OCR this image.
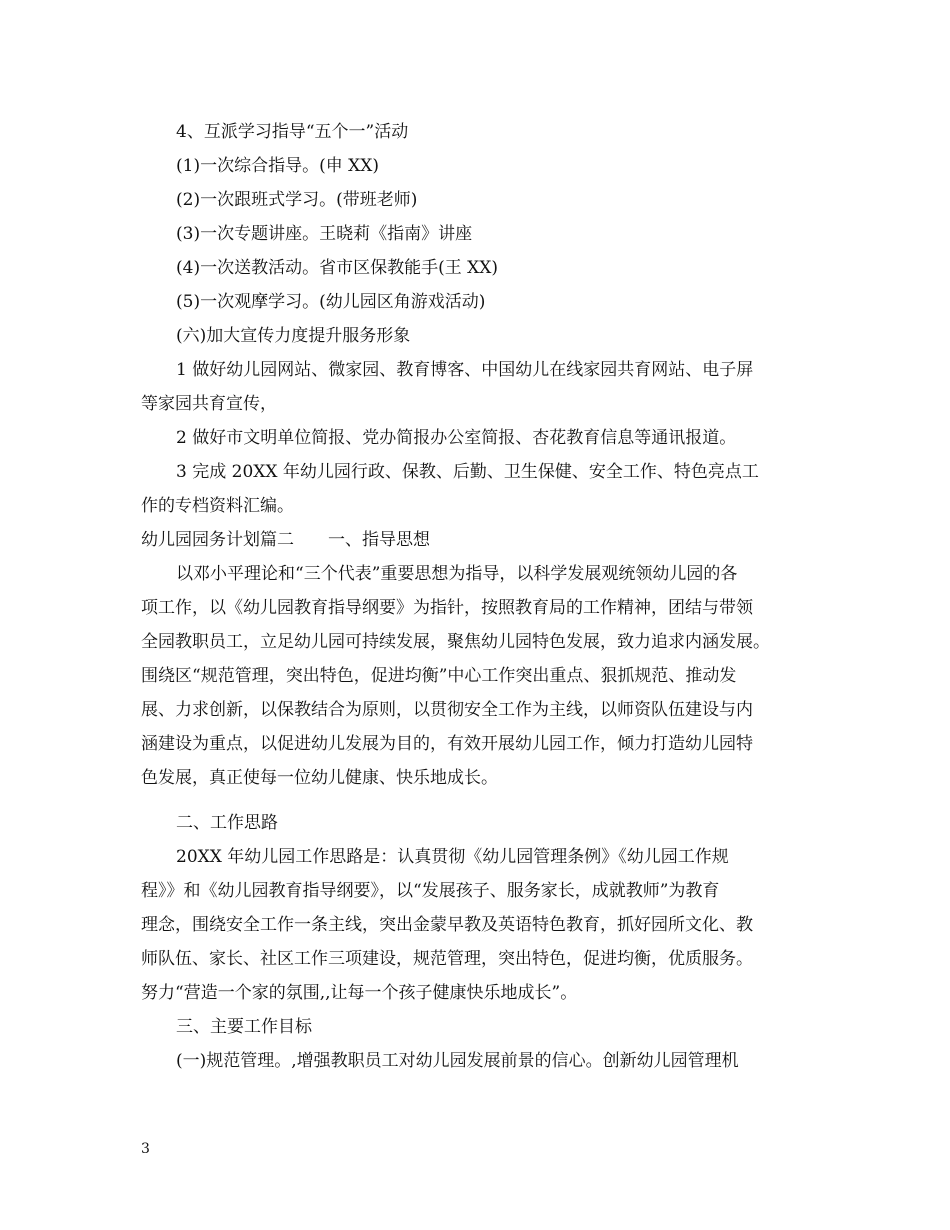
4、互派学习指导“五个一”活动
(1)一次综合指导。(申 XX)
(2)一次跟班式学习。(带班老师)
(3)一次专题讲座。王晓莉《指南》讲座
(4)一次送教活动。省市区保教能手(王 XX)
(5)一次观摩学习。(幼儿园区角游戏活动)
(六)加大宣传力度提升服务形象
1 做好幼儿园网站、微家园、教育博客、中国幼儿在线家园共育网站、电子屏
等家园共育宣传，
2 做好市文明单位简报、党办简报办公室简报、杏花教育信息等通讯报道。
3 完成 20XX 年幼儿园行政、保教、后勤、卫生保健、安全工作、特色亮点工
作的专档资料汇编。
幼儿园园务计划篇二　　一、指导思想
以邓小平理论和“三个代表”重要思想为指导，以科学发展观统领幼儿园的各
项工作，以《幼儿园教育指导纲要》为指针，按照教育局的工作精神，团结与带领
全园教职员工，立足幼儿园可持续发展，聚焦幼儿园特色发展，致力追求内涵发展。
围绕区“规范管理，突出特色，促进均衡”中心工作突出重点、狠抓规范、推动发
展、力求创新，以保教结合为原则，以贯彻安全工作为主线，以师资队伍建设与内
涵建设为重点，以促进幼儿发展为目的，有效开展幼儿园工作，倾力打造幼儿园特
色发展，真正使每一位幼儿健康、快乐地成长。
二、工作思路
20XX 年幼儿园工作思路是：认真贯彻《幼儿园管理条例》《幼儿园工作规
程》》和《幼儿园教育指导纲要》，以“发展孩子、服务家长，成就教师”为教育
理念，围绕安全工作一条主线，突出金蒙早教及英语特色教育，抓好园所文化、教
师队伍、家长、社区工作三项建设，规范管理，突出特色，促进均衡，优质服务。
努力“营造一个家的氛围,,让每一个孩子健康快乐地成长”。
三、主要工作目标
(一)规范管理。,增强教职员工对幼儿园发展前景的信心。创新幼儿园管理机
3
